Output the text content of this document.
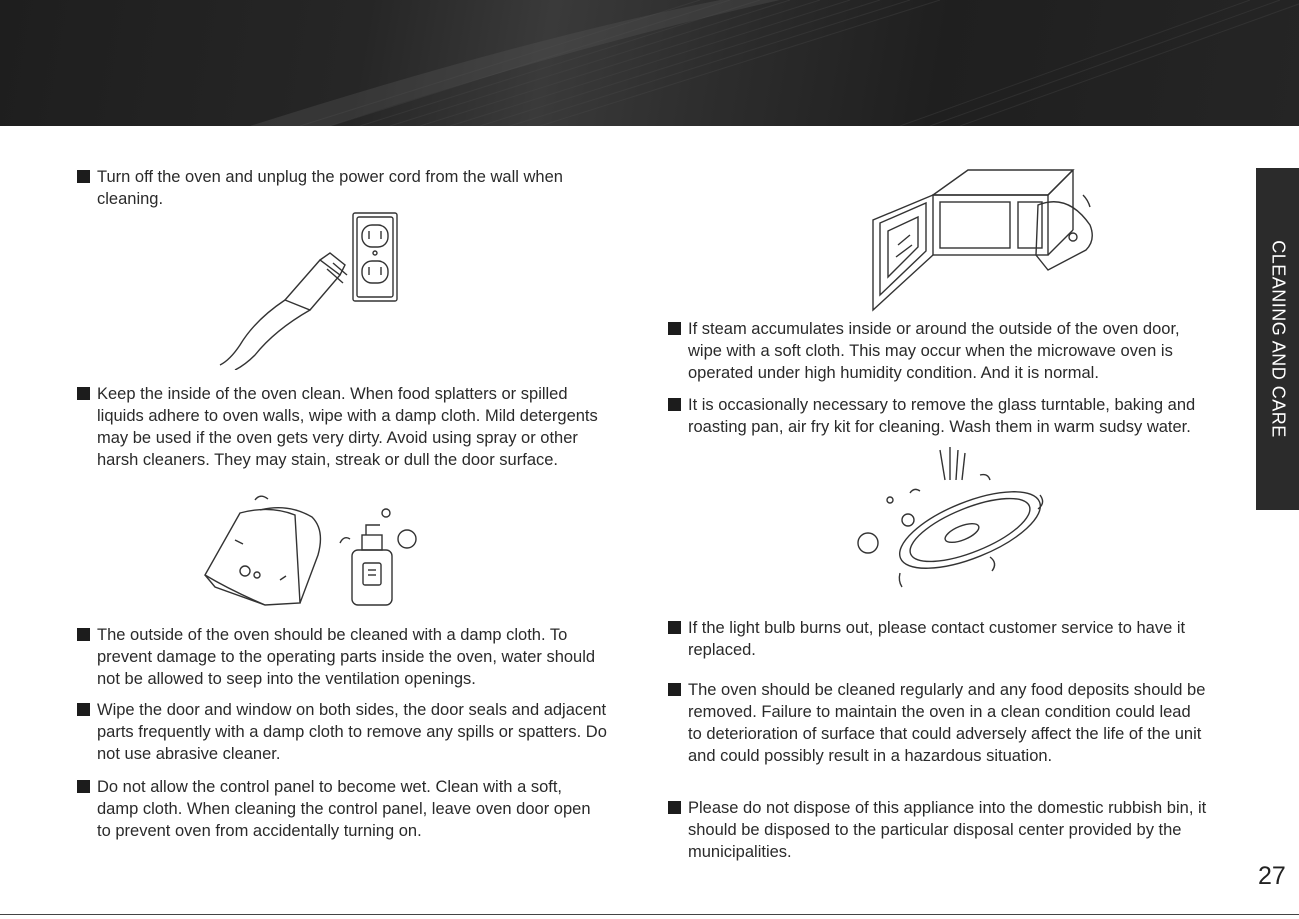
CLEANING AND CARE
Turn off the oven and unplug the power cord from the wall when cleaning.
Keep the inside of the oven clean. When food splatters or spilled liquids adhere to oven walls, wipe with a damp cloth. Mild detergents may be used if the oven gets very dirty. Avoid using spray or other harsh cleaners. They may stain, streak or dull the door surface.
The outside of the oven should be cleaned with a damp cloth. To prevent damage to the operating parts inside the oven, water should not be allowed to seep into the ventilation openings.
Wipe the door and window on both sides, the door seals and adjacent parts frequently with a damp cloth to remove any spills or spatters. Do not use abrasive cleaner.
Do not allow the control panel to become wet. Clean with a soft, damp cloth. When cleaning the control panel, leave oven door open to prevent oven from accidentally turning on.
If steam accumulates inside or around the outside of the oven door, wipe with a soft cloth. This may occur when the microwave oven is operated under high humidity condition. And it is normal.
It is occasionally necessary to remove the glass turntable, baking and roasting pan, air fry kit for cleaning. Wash them in warm sudsy water.
If the light bulb burns out, please contact customer service to have it replaced.
The oven should be cleaned regularly and any food deposits should be removed. Failure to maintain the oven in a clean condition could lead to deterioration of surface that could adversely affect the life of the unit and could possibly result in a hazardous situation.
Please do not dispose of this appliance into the domestic rubbish bin, it should be disposed to the particular disposal center provided by the municipalities.
27
